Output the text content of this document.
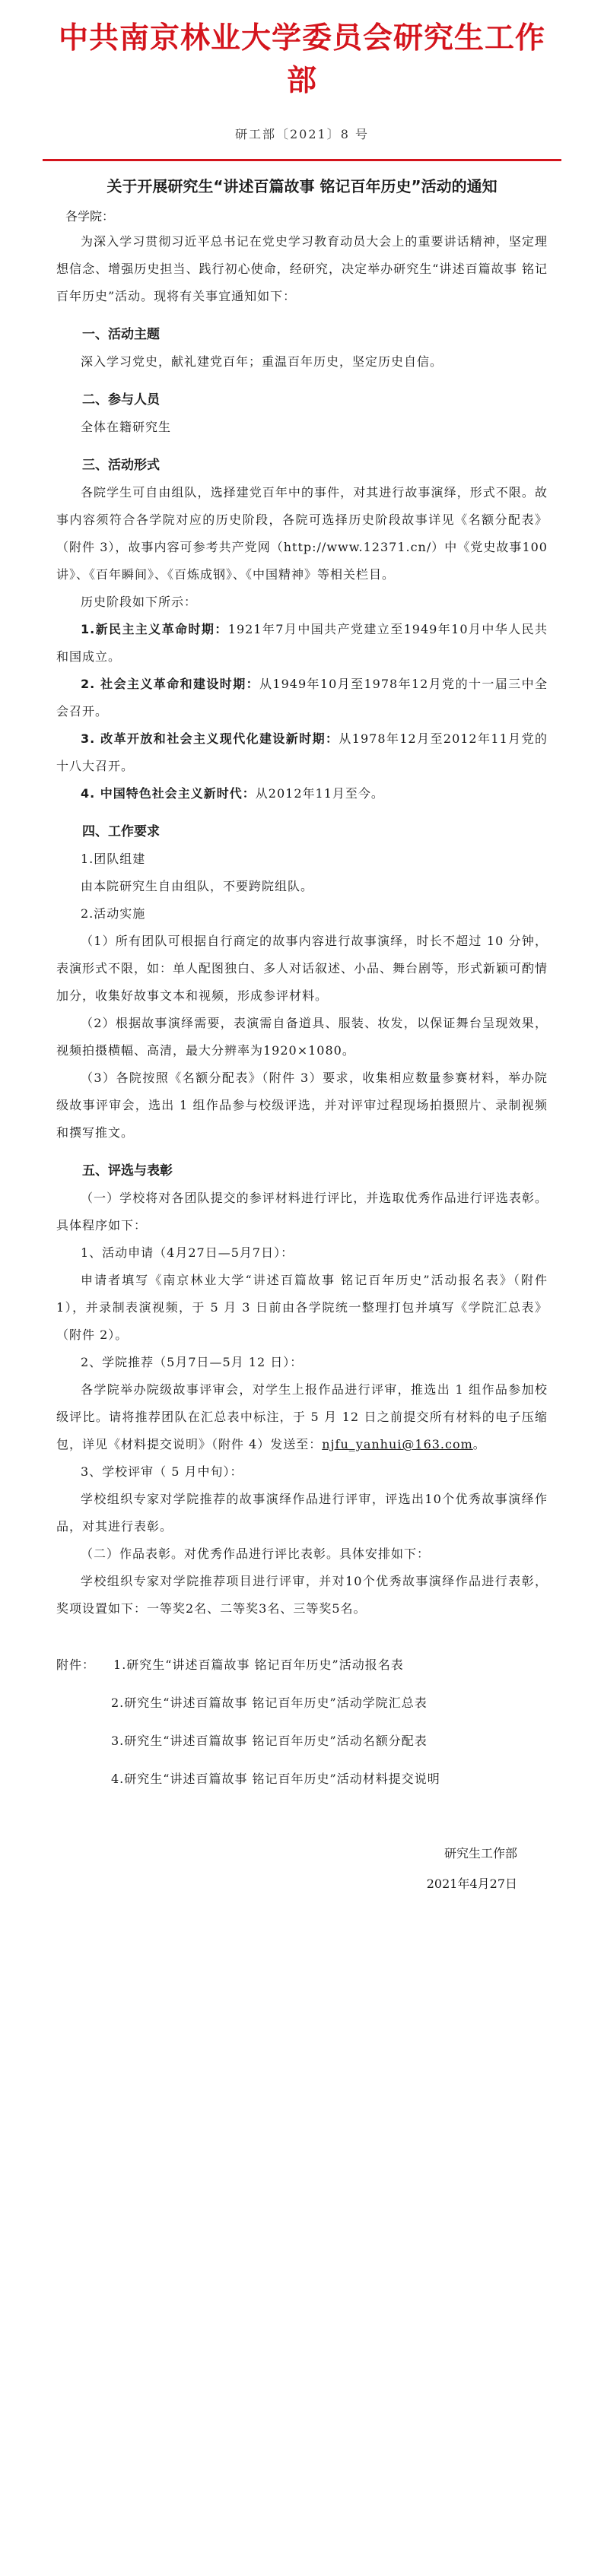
中共南京林业大学委员会研究生工作部
研工部〔2021〕8 号
关于开展研究生“讲述百篇故事 铭记百年历史”活动的通知
各学院：

为深入学习贯彻习近平总书记在党史学习教育动员大会上的重要讲话精神，坚定理想信念、增强历史担当、践行初心使命，经研究，决定举办研究生“讲述百篇故事 铭记百年历史”活动。现将有关事宜通知如下：

一、活动主题

深入学习党史，献礼建党百年；重温百年历史，坚定历史自信。

二、参与人员

全体在籍研究生

三、活动形式

各院学生可自由组队，选择建党百年中的事件，对其进行故事演绎，形式不限。故事内容须符合各学院对应的历史阶段，各院可选择历史阶段故事详见《名额分配表》（附件 3），故事内容可参考共产党网（http://www.12371.cn/）中《党史故事100讲》、《百年瞬间》、《百炼成钢》、《中国精神》等相关栏目。

历史阶段如下所示：

1.新民主主义革命时期：1921年7月中国共产党建立至1949年10月中华人民共和国成立。

2. 社会主义革命和建设时期：从1949年10月至1978年12月党的十一届三中全会召开。

3. 改革开放和社会主义现代化建设新时期：从1978年12月至2012年11月党的十八大召开。

4. 中国特色社会主义新时代：从2012年11月至今。

四、工作要求

1.团队组建

由本院研究生自由组队，不要跨院组队。

2.活动实施

（1）所有团队可根据自行商定的故事内容进行故事演绎，时长不超过 10 分钟，表演形式不限，如：单人配图独白、多人对话叙述、小品、舞台剧等，形式新颖可酌情加分，收集好故事文本和视频，形成参评材料。

（2）根据故事演绎需要，表演需自备道具、服装、妆发，以保证舞台呈现效果，视频拍摄横幅、高清，最大分辨率为1920×1080。

（3）各院按照《名额分配表》（附件 3）要求，收集相应数量参赛材料，举办院级故事评审会，选出 1 组作品参与校级评选，并对评审过程现场拍摄照片、录制视频和撰写推文。

五、评选与表彰

（一）学校将对各团队提交的参评材料进行评比，并选取优秀作品进行评选表彰。具体程序如下：

1、活动申请（4月27日—5月7日）：

申请者填写《南京林业大学“讲述百篇故事 铭记百年历史”活动报名表》（附件 1），并录制表演视频，于 5 月 3 日前由各学院统一整理打包并填写《学院汇总表》（附件 2）。

2、学院推荐（5月7日—5月 12 日）：

各学院举办院级故事评审会，对学生上报作品进行评审，推选出 1 组作品参加校级评比。请将推荐团队在汇总表中标注，于 5 月 12 日之前提交所有材料的电子压缩包，详见《材料提交说明》（附件 4）发送至：njfu_yanhui@163.com。

3、学校评审（ 5 月中旬）：

学校组织专家对学院推荐的故事演绎作品进行评审，评选出10个优秀故事演绎作品，对其进行表彰。

（二）作品表彰。对优秀作品进行评比表彰。具体安排如下：

学校组织专家对学院推荐项目进行评审，并对10个优秀故事演绎作品进行表彰，奖项设置如下：一等奖2名、二等奖3名、三等奖5名。

附件： 1.研究生“讲述百篇故事 铭记百年历史”活动报名表
2.研究生“讲述百篇故事 铭记百年历史”活动学院汇总表
3.研究生“讲述百篇故事 铭记百年历史”活动名额分配表
4.研究生“讲述百篇故事 铭记百年历史”活动材料提交说明
研究生工作部
2021年4月27日
